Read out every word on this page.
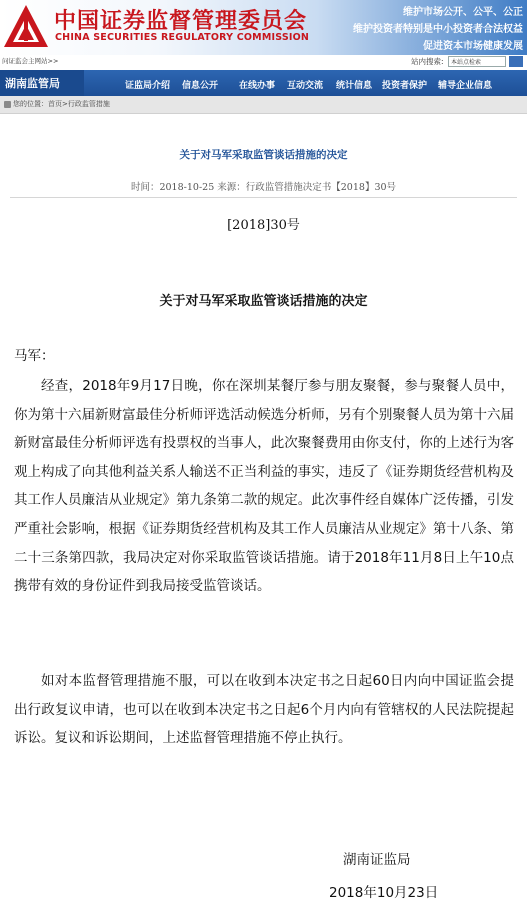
中国证券监督管理委员会
CHINA SECURITIES REGULATORY COMMISSION
维护市场公开、公平、公正
维护投资者特别是中小投资者合法权益
促进资本市场健康发展
问证监会主网站>>	站内搜索:
本站点检索
湖南监管局	证监局介绍	信息公开	在线办事	互动交流	统计信息	投资者保护	辅导企业信息
您的位置：首页>行政监管措施
关于对马军采取监管谈话措施的决定
时间：2018-10-25 来源：行政监管措施决定书【2018】30号
[2018]30号
关于对马军采取监管谈话措施的决定
马军：
经查，2018年9月17日晚，你在深圳某餐厅参与朋友聚餐，参与聚餐人员中，你为第十六届新财富最佳分析师评选活动候选分析师，另有个别聚餐人员为第十六届新财富最佳分析师评选有投票权的当事人，此次聚餐费用由你支付，你的上述行为客观上构成了向其他利益关系人输送不正当利益的事实，违反了《证券期货经营机构及其工作人员廉洁从业规定》第九条第二款的规定。此次事件经自媒体广泛传播，引发严重社会影响，根据《证券期货经营机构及其工作人员廉洁从业规定》第十八条、第二十三条第四款，我局决定对你采取监管谈话措施。请于2018年11月8日上午10点携带有效的身份证件到我局接受监管谈话。
如对本监督管理措施不服，可以在收到本决定书之日起60日内向中国证监会提出行政复议申请，也可以在收到本决定书之日起6个月内向有管辖权的人民法院提起诉讼。复议和诉讼期间，上述监督管理措施不停止执行。
湖南证监局
2018年10月23日
